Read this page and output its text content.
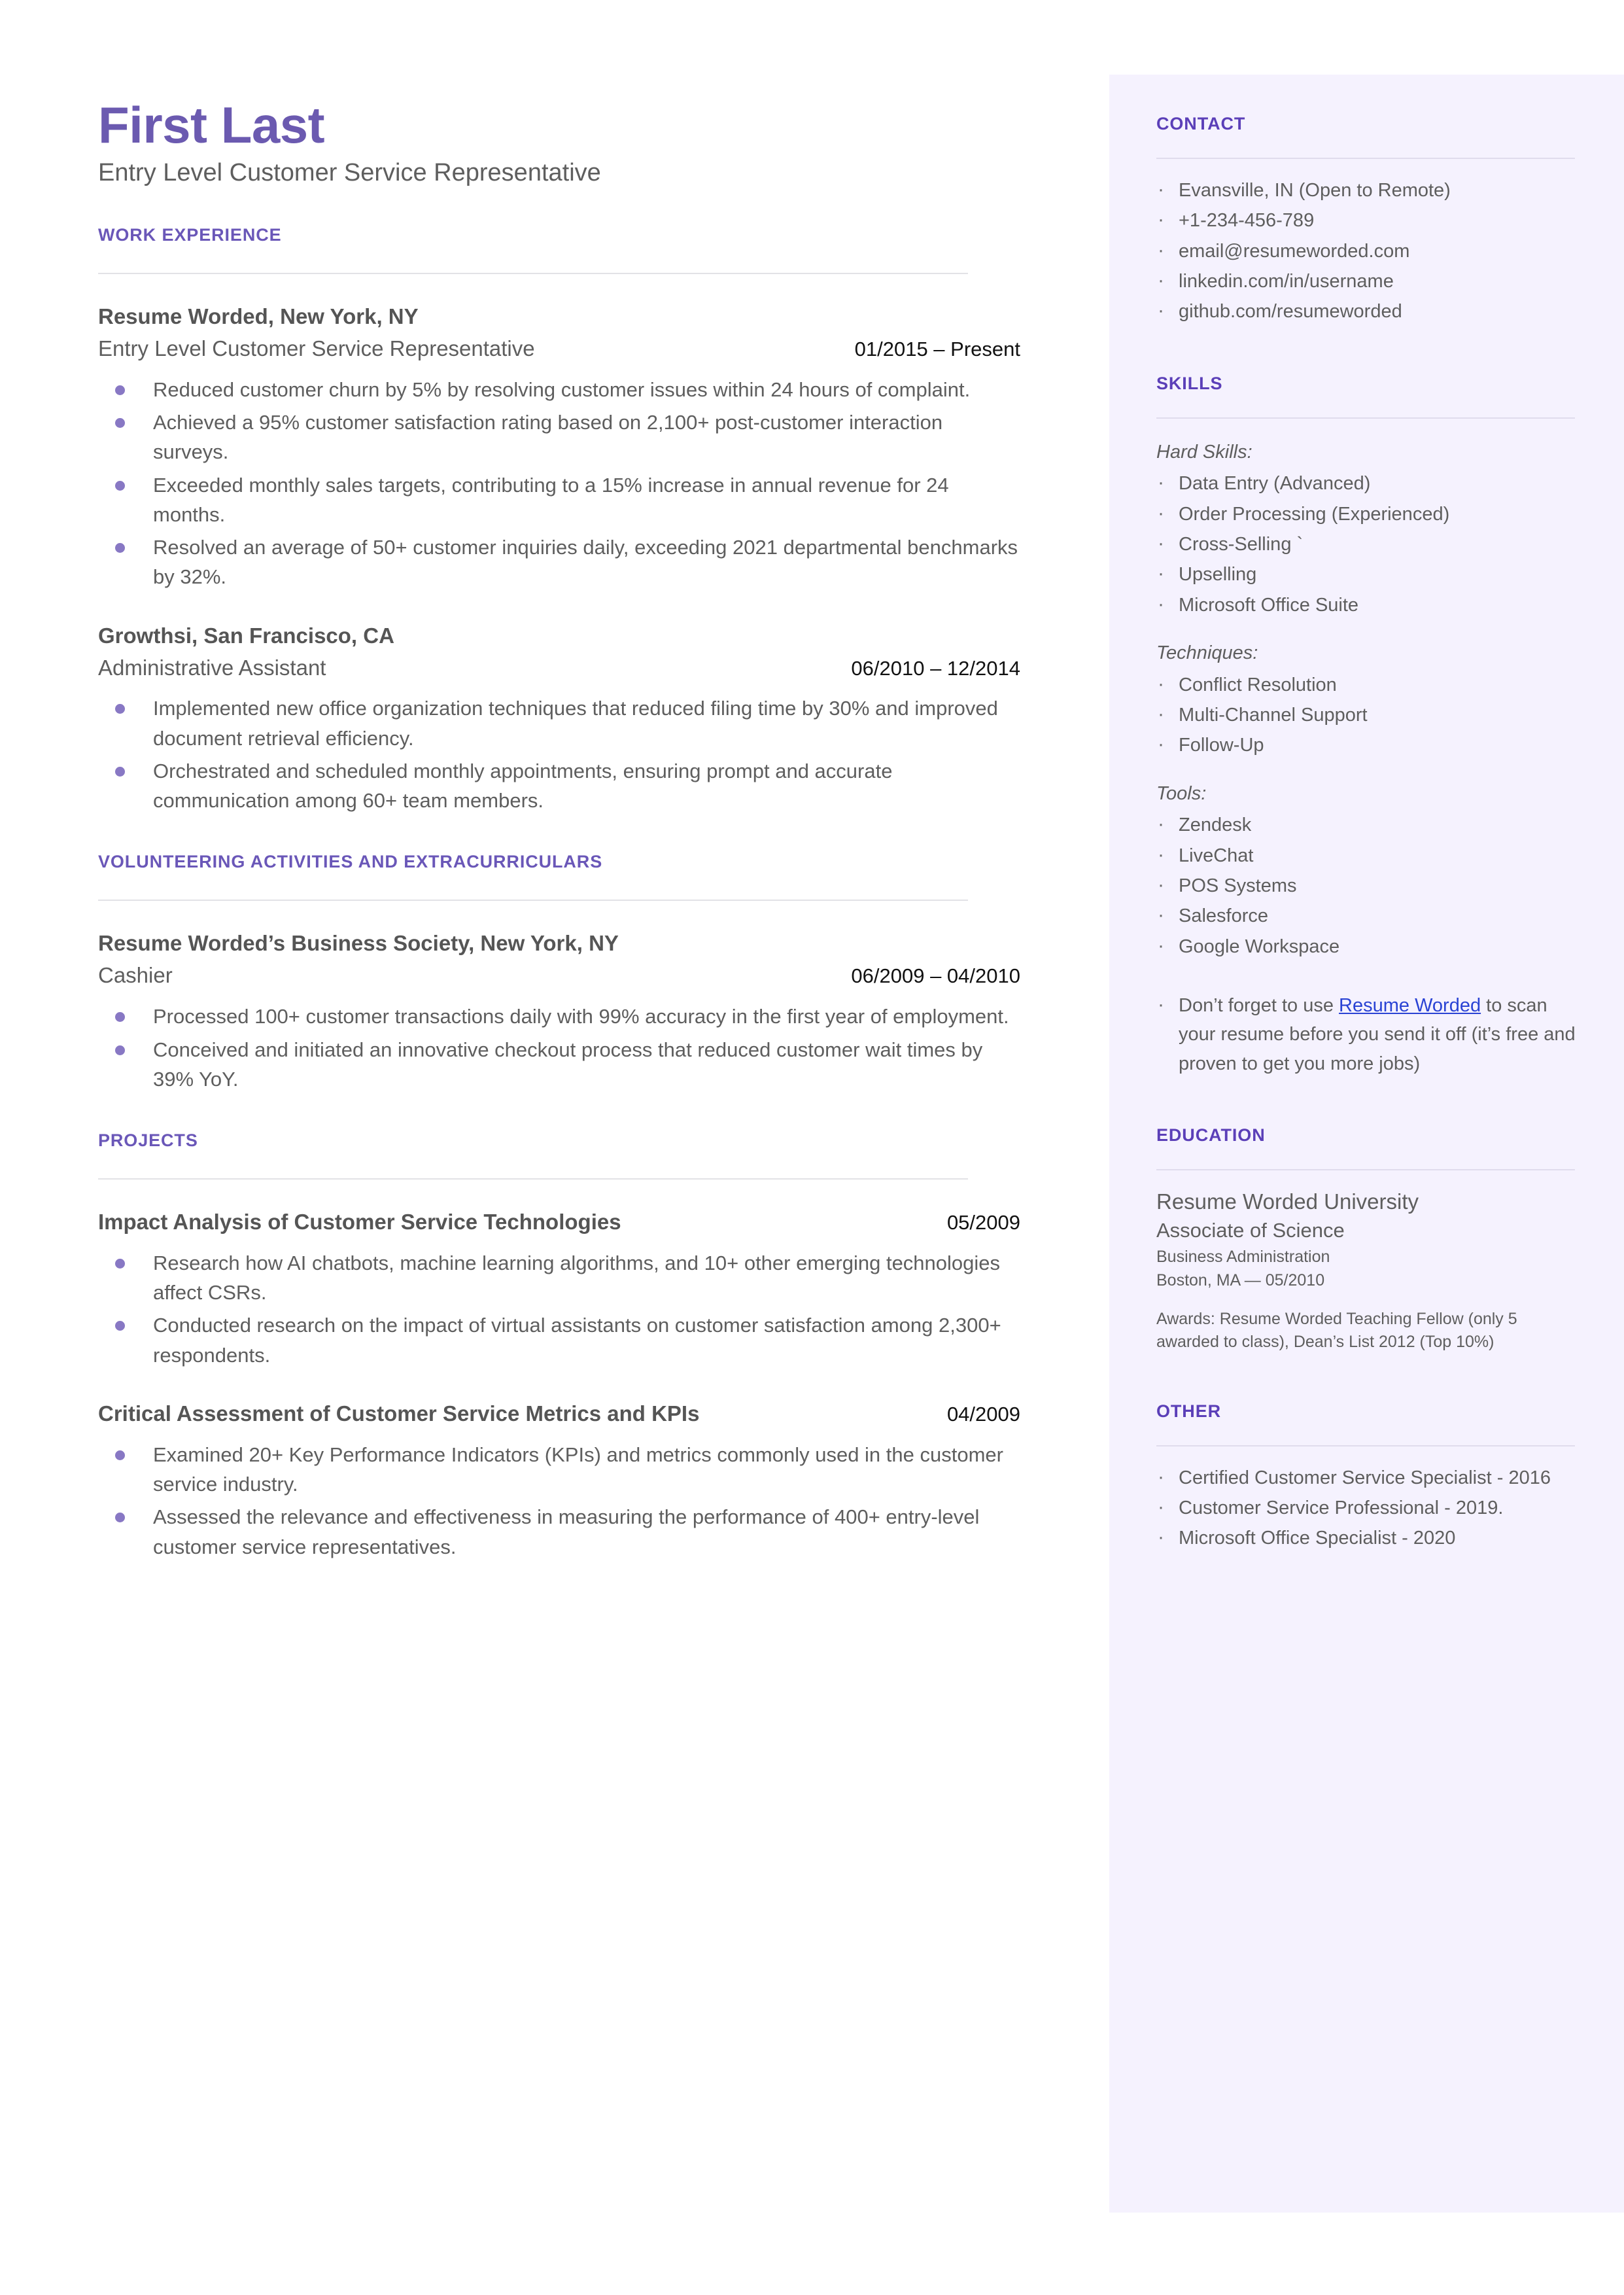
First Last
Entry Level Customer Service Representative
WORK EXPERIENCE
Resume Worded, New York, NY
Entry Level Customer Service Representative	01/2015 – Present
Reduced customer churn by 5% by resolving customer issues within 24 hours of complaint.
Achieved a 95% customer satisfaction rating based on 2,100+ post-customer interaction surveys.
Exceeded monthly sales targets, contributing to a 15% increase in annual revenue for 24 months.
Resolved an average of 50+ customer inquiries daily, exceeding 2021 departmental benchmarks by 32%.
Growthsi, San Francisco, CA
Administrative Assistant	06/2010 – 12/2014
Implemented new office organization techniques that reduced filing time by 30% and improved document retrieval efficiency.
Orchestrated and scheduled monthly appointments, ensuring prompt and accurate communication among 60+ team members.
VOLUNTEERING ACTIVITIES AND EXTRACURRICULARS
Resume Worded’s Business Society, New York, NY
Cashier	06/2009 – 04/2010
Processed 100+ customer transactions daily with 99% accuracy in the first year of employment.
Conceived and initiated an innovative checkout process that reduced customer wait times by 39% YoY.
PROJECTS
Impact Analysis of Customer Service Technologies	05/2009
Research how AI chatbots, machine learning algorithms, and 10+ other emerging technologies affect CSRs.
Conducted research on the impact of virtual assistants on customer satisfaction among 2,300+ respondents.
Critical Assessment of Customer Service Metrics and KPIs	04/2009
Examined 20+ Key Performance Indicators (KPIs) and metrics commonly used in the customer service industry.
Assessed the relevance and effectiveness in measuring the performance of 400+ entry-level customer service representatives.
CONTACT
· Evansville, IN (Open to Remote)
· +1-234-456-789
· email@resumeworded.com
· linkedin.com/in/username
· github.com/resumeworded
SKILLS
Hard Skills:
· Data Entry (Advanced)
· Order Processing (Experienced)
· Cross-Selling `
· Upselling
· Microsoft Office Suite
Techniques:
· Conflict Resolution
· Multi-Channel Support
· Follow-Up
Tools:
· Zendesk
· LiveChat
· POS Systems
· Salesforce
· Google Workspace

· Don’t forget to use Resume Worded to scan your resume before you send it off (it’s free and proven to get you more jobs)

EDUCATION
Resume Worded University
Associate of Science
Business Administration
Boston, MA — 05/2010
Awards: Resume Worded Teaching Fellow (only 5 awarded to class), Dean’s List 2012 (Top 10%)
OTHER
· Certified Customer Service Specialist - 2016
· Customer Service Professional - 2019.
· Microsoft Office Specialist - 2020
